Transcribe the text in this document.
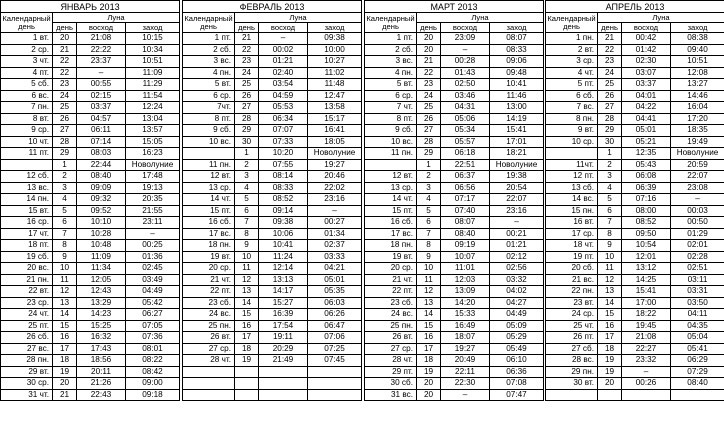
ЯНВАРЬ 2013			
Календарный день	Луна		
	день	восход	заход
1 вт.	20	21:08	10:15
2 ср.	21	22:22	10:34
3 чт.	22	23:37	10:51
4 пт.	22	–	11:09
5 сб.	23	00:55	11:29
6 вс.	24	02:15	11:54
7 пн.	25	03:37	12:24
8 вт.	26	04:57	13:04
9 ср.	27	06:11	13:57
10 чт.	28	07:14	15:05
11 пт.	29	08:03	16:23
	1	22:44	Новолуние
12 сб.	2	08:40	17:48
13 вс.	3	09:09	19:13
14 пн.	4	09:32	20:35
15 вт.	5	09:52	21:55
16 ср.	6	10:10	23:11
17 чт.	7	10:28	–
18 пт.	8	10:48	00:25
19 сб.	9	11:09	01:36
20 вс.	10	11:34	02:45
21 пн.	11	12:05	03:49
22 вт.	12	12:43	04:49
23 ср.	13	13:29	05:42
24 чт.	14	14:23	06:27
25 пт.	15	15:25	07:05
26 сб.	16	16:32	07:36
27 вс.	17	17:43	08:01
28 пн.	18	18:56	08:22
29 вт.	19	20:11	08:42
30 ср.	20	21:26	09:00
31 чт.	21	22:43	09:18
ФЕВРАЛЬ 2013			
Календарный день	Луна		
	день	восход	заход
1 пт.	21	–	09:38
2 сб.	22	00:02	10:00
3 вс.	23	01:21	10:27
4 пн.	24	02:40	11:02
5 вт.	25	03:54	11:48
6 ср.	26	04:59	12:47
7чт.	27	05:53	13:58
8 пт.	28	06:34	15:17
9 сб.	29	07:07	16:41
10 вс.	30	07:33	18:05
	1	10:20	Новолуние
11 пн.	2	07:55	19:27
12 вт.	3	08:14	20:46
13 ср.	4	08:33	22:02
14 чт.	5	08:52	23:16
15 пт.	6	09:14	–
16 сб.	7	09:38	00:27
17 вс.	8	10:06	01:34
18 пн.	9	10:41	02:37
19 вт.	10	11:24	03:33
20 ср.	11	12:14	04:21
21 чт.	12	13:13	05:01
22 пт.	13	14:17	05:35
23 сб.	14	15:27	06:03
24 вс.	15	16:39	06:26
25 пн.	16	17:54	06:47
26 вт.	17	19:11	07:06
27 ср.	18	20:29	07:25
28 чт.	19	21:49	07:45

МАРТ 2013			
Календарный день	Луна		
	день	восход	заход
1 пт.	20	23:09	08:07
2 сб.	20	–	08:33
3 вс.	21	00:28	09:06
4 пн.	22	01:43	09:48
5 вт.	23	02:50	10:41
6 ср.	24	03:46	11:46
7 чт.	25	04:31	13:00
8 пт.	26	05:06	14:19
9 сб.	27	05:34	15:41
10 вс.	28	05:57	17:01
11 пн.	29	06:18	18:21
	1	22:51	Новолуние
12 вт.	2	06:37	19:38
13 ср.	3	06:56	20:54
14 чт.	4	07:17	22:07
15 пт.	5	07:40	23:16
16 сб.	6	08:07	–
17 вс.	7	08:40	00:21
18 пн.	8	09:19	01:21
19 вт.	9	10:07	02:12
20 ср.	10	11:01	02:56
21 чт.	11	12:03	03:32
22 пт.	12	13:09	04:02
23 сб.	13	14:20	04:27
24 вс.	14	15:33	04:49
25 пн.	15	16:49	05:09
26 вт.	16	18:07	05:29
27 ср.	17	19:27	05:49
28 чт.	18	20:49	06:10
29 пт.	19	22:11	06:36
30 сб.	20	22:30	07:08
31 вс.	20	–	07:47
АПРЕЛЬ 2013			
Календарный день	Луна		
	день	восход	заход
1 пн.	21	00:42	08:38
2 вт.	22	01:42	09:40
3 ср.	23	02:30	10:51
4 чт.	24	03:07	12:08
5 пт.	25	03:37	13:27
6 сб.	26	04:01	14:46
7 вс.	27	04:22	16:04
8 пн.	28	04:41	17:20
9 вт.	29	05:01	18:35
10 ср.	30	05:21	19:49
	1	12:35	Новолуние
11чт.	2	05:43	20:59
12 пт.	3	06:08	22:07
13 сб.	4	06:39	23:08
14 вс.	5	07:16	–
15 пн.	6	08:00	00:03
16 вт.	7	08:52	00:50
17 ср.	8	09:50	01:29
18 чт.	9	10:54	02:01
19 пт.	10	12:01	02:28
20 сб.	11	13:12	02:51
21 вс.	12	14:25	03:11
22 пн.	13	15:41	03:31
23 вт.	14	17:00	03:50
24 ср.	15	18:22	04:11
25 чт.	16	19:45	04:35
26 пт.	17	21:08	05:04
27 сб.	18	22:27	05:41
28 вс.	19	23:32	06:29
29 пн.	19	–	07:29
30 вт.	20	00:26	08:40
